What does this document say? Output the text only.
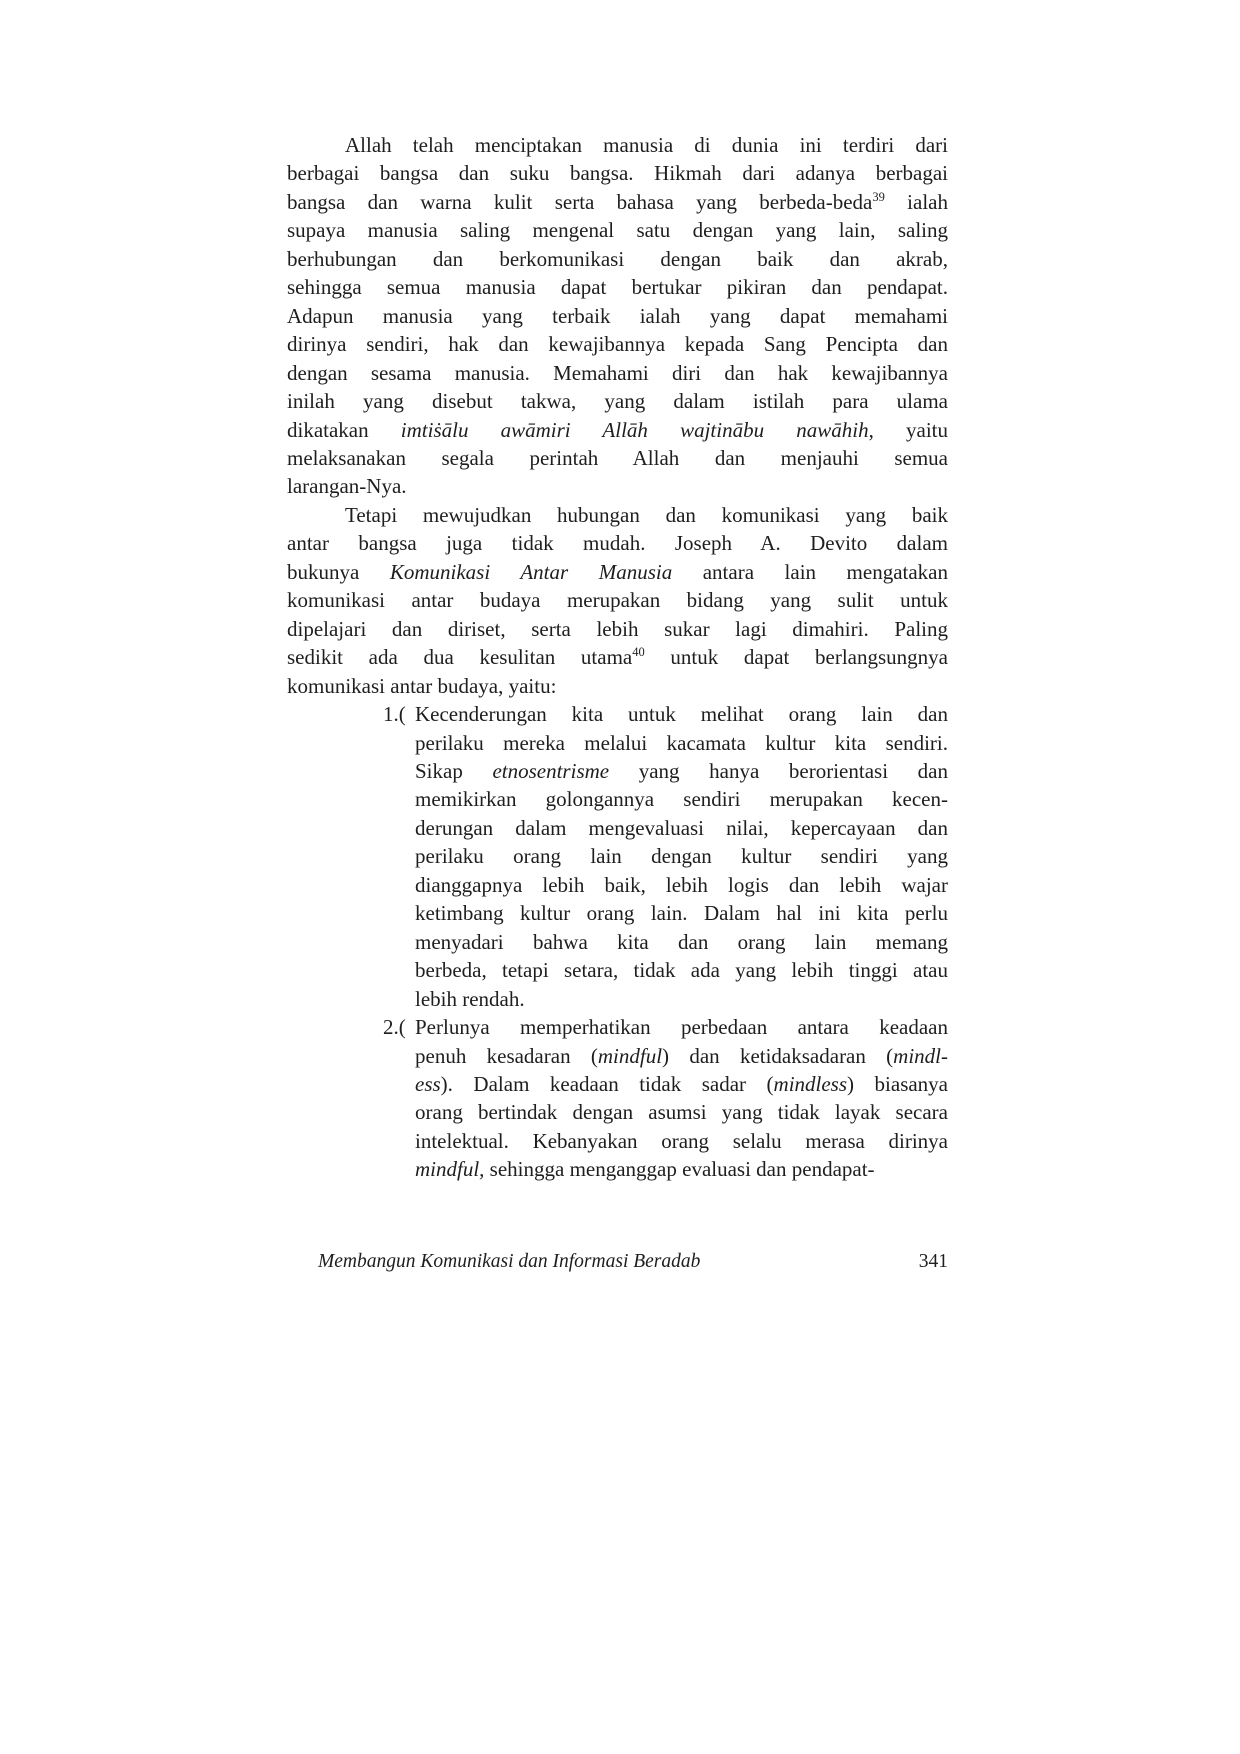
Allah telah menciptakan manusia di dunia ini terdiri dari
berbagai bangsa dan suku bangsa. Hikmah dari adanya berbagai
bangsa dan warna kulit serta bahasa yang berbeda-beda$^{39}$ ialah
supaya manusia saling mengenal satu dengan yang lain, saling
berhubungan dan berkomunikasi dengan baik dan akrab,
sehingga semua manusia dapat bertukar pikiran dan pendapat.
Adapun manusia yang terbaik ialah yang dapat memahami
dirinya sendiri, hak dan kewajibannya kepada Sang Pencipta dan
dengan sesama manusia. Memahami diri dan hak kewajibannya
inilah yang disebut takwa, yang dalam istilah para ulama
dikatakan imtiṡālu awāmiri Allāh wajtinābu nawāhih, yaitu
melaksanakan segala perintah Allah dan menjauhi semua
larangan-Nya.
Tetapi mewujudkan hubungan dan komunikasi yang baik
antar bangsa juga tidak mudah. Joseph A. Devito dalam
bukunya Komunikasi Antar Manusia antara lain mengatakan
komunikasi antar budaya merupakan bidang yang sulit untuk
dipelajari dan diriset, serta lebih sukar lagi dimahiri. Paling
sedikit ada dua kesulitan utama$^{40}$ untuk dapat berlangsungnya
komunikasi antar budaya, yaitu:
1.( Kecenderungan kita untuk melihat orang lain dan
perilaku mereka melalui kacamata kultur kita sendiri.
Sikap etnosentrisme yang hanya berorientasi dan
memikirkan golongannya sendiri merupakan kecen-
derungan dalam mengevaluasi nilai, kepercayaan dan
perilaku orang lain dengan kultur sendiri yang
dianggapnya lebih baik, lebih logis dan lebih wajar
ketimbang kultur orang lain. Dalam hal ini kita perlu
menyadari bahwa kita dan orang lain memang
berbeda, tetapi setara, tidak ada yang lebih tinggi atau
lebih rendah.
2.( Perlunya memperhatikan perbedaan antara keadaan
penuh kesadaran (mindful) dan ketidaksadaran (mindl-
ess). Dalam keadaan tidak sadar (mindless) biasanya
orang bertindak dengan asumsi yang tidak layak secara
intelektual. Kebanyakan orang selalu merasa dirinya
mindful, sehingga menganggap evaluasi dan pendapat-
Membangun Komunikasi dan Informasi Beradab	341
